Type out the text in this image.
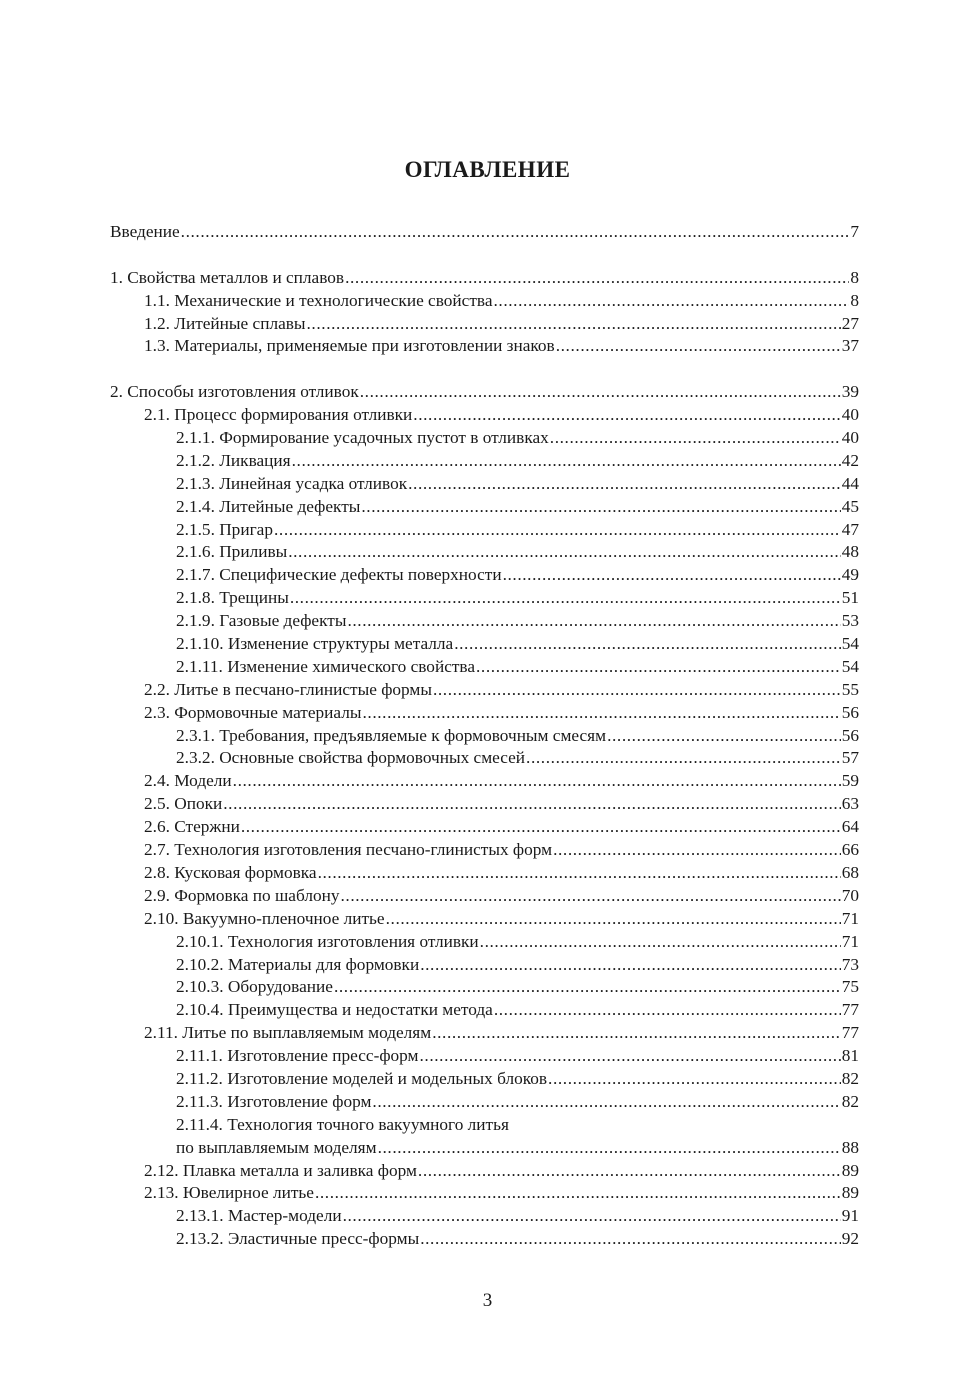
ОГЛАВЛЕНИЕ
Введение .....	7
1. Свойства металлов и сплавов .....	8
1.1. Механические и технологические свойства .....	8
1.2. Литейные сплавы .....	27
1.3. Материалы, применяемые при изготовлении знаков .....	37
2. Способы изготовления отливок .....	39
2.1. Процесс формирования отливки .....	40
2.1.1. Формирование усадочных пустот в отливках .....	40
2.1.2. Ликвация .....	42
2.1.3. Линейная усадка отливок .....	44
2.1.4. Литейные дефекты .....	45
2.1.5. Пригар .....	47
2.1.6. Приливы .....	48
2.1.7. Специфические дефекты поверхности .....	49
2.1.8. Трещины .....	51
2.1.9. Газовые дефекты .....	53
2.1.10. Изменение структуры металла .....	54
2.1.11. Изменение химического свойства .....	54
2.2. Литье в песчано-глинистые формы .....	55
2.3. Формовочные материалы .....	56
2.3.1. Требования, предъявляемые к формовочным смесям .....	56
2.3.2. Основные свойства формовочных смесей .....	57
2.4. Модели .....	59
2.5. Опоки .....	63
2.6. Стержни .....	64
2.7. Технология изготовления песчано-глинистых форм .....	66
2.8. Кусковая формовка .....	68
2.9. Формовка по шаблону .....	70
2.10. Вакуумно-пленочное литье .....	71
2.10.1. Технология изготовления отливки .....	71
2.10.2. Материалы для формовки .....	73
2.10.3. Оборудование .....	75
2.10.4. Преимущества и недостатки метода .....	77
2.11. Литье по выплавляемым моделям .....	77
2.11.1. Изготовление пресс-форм .....	81
2.11.2. Изготовление моделей и модельных блоков .....	82
2.11.3. Изготовление форм .....	82
2.11.4. Технология точного вакуумного литья
по выплавляемым моделям .....	88
2.12. Плавка металла и заливка форм .....	89
2.13. Ювелирное литье .....	89
2.13.1. Мастер-модели .....	91
2.13.2. Эластичные пресс-формы .....	92
3
